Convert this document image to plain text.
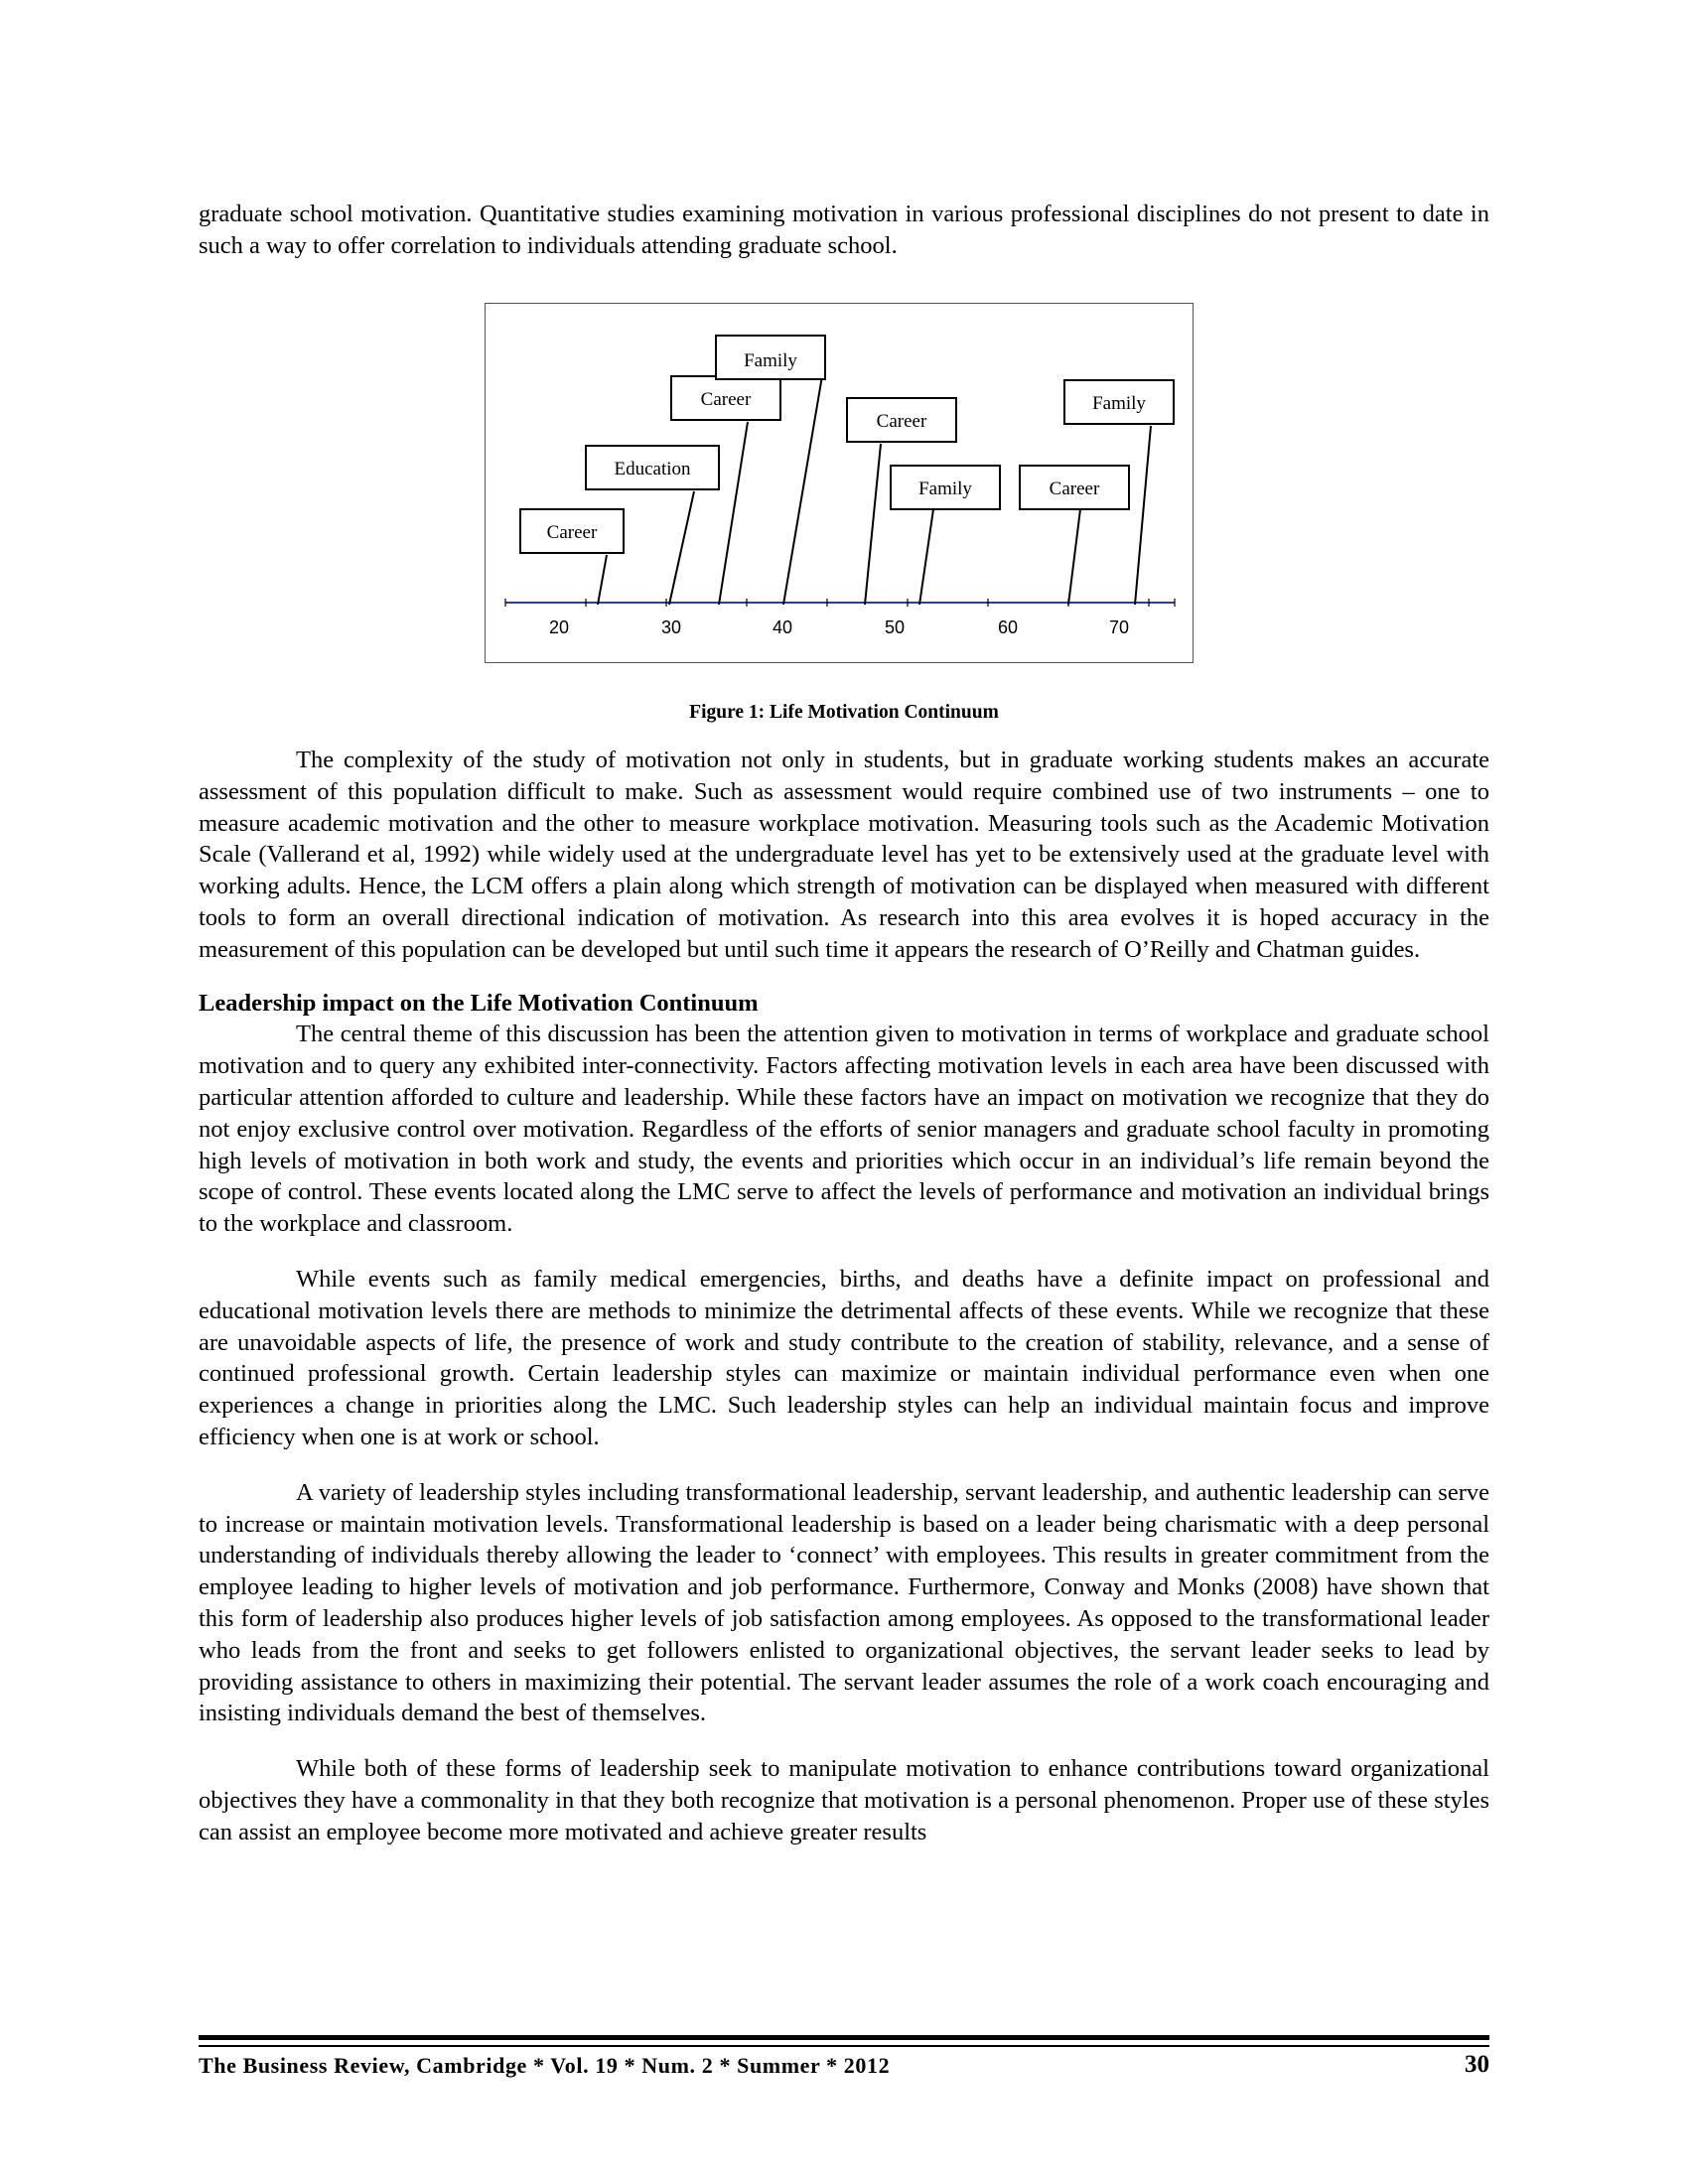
graduate school motivation. Quantitative studies examining motivation in various professional disciplines do not present to date in such a way to offer correlation to individuals attending graduate school.

20	30	40	50	60	70
Career
Education
Career
Family
Career
Family
Career
Family
Figure 1: Life Motivation Continuum

The complexity of the study of motivation not only in students, but in graduate working students makes an accurate assessment of this population difficult to make. Such as assessment would require combined use of two instruments – one to measure academic motivation and the other to measure workplace motivation. Measuring tools such as the Academic Motivation Scale (Vallerand et al, 1992) while widely used at the undergraduate level has yet to be extensively used at the graduate level with working adults. Hence, the LCM offers a plain along which strength of motivation can be displayed when measured with different tools to form an overall directional indication of motivation. As research into this area evolves it is hoped accuracy in the measurement of this population can be developed but until such time it appears the research of O’Reilly and Chatman guides.

Leadership impact on the Life Motivation Continuum

The central theme of this discussion has been the attention given to motivation in terms of workplace and graduate school motivation and to query any exhibited inter-connectivity. Factors affecting motivation levels in each area have been discussed with particular attention afforded to culture and leadership. While these factors have an impact on motivation we recognize that they do not enjoy exclusive control over motivation. Regardless of the efforts of senior managers and graduate school faculty in promoting high levels of motivation in both work and study, the events and priorities which occur in an individual’s life remain beyond the scope of control. These events located along the LMC serve to affect the levels of performance and motivation an individual brings to the workplace and classroom.

While events such as family medical emergencies, births, and deaths have a definite impact on professional and educational motivation levels there are methods to minimize the detrimental affects of these events. While we recognize that these are unavoidable aspects of life, the presence of work and study contribute to the creation of stability, relevance, and a sense of continued professional growth. Certain leadership styles can maximize or maintain individual performance even when one experiences a change in priorities along the LMC. Such leadership styles can help an individual maintain focus and improve efficiency when one is at work or school.

A variety of leadership styles including transformational leadership, servant leadership, and authentic leadership can serve to increase or maintain motivation levels. Transformational leadership is based on a leader being charismatic with a deep personal understanding of individuals thereby allowing the leader to ‘connect’ with employees. This results in greater commitment from the employee leading to higher levels of motivation and job performance. Furthermore, Conway and Monks (2008) have shown that this form of leadership also produces higher levels of job satisfaction among employees. As opposed to the transformational leader who leads from the front and seeks to get followers enlisted to organizational objectives, the servant leader seeks to lead by providing assistance to others in maximizing their potential. The servant leader assumes the role of a work coach encouraging and insisting individuals demand the best of themselves.

While both of these forms of leadership seek to manipulate motivation to enhance contributions toward organizational objectives they have a commonality in that they both recognize that motivation is a personal phenomenon. Proper use of these styles can assist an employee become more motivated and achieve greater results

The Business Review, Cambridge * Vol. 19 * Num. 2 * Summer * 2012	30
